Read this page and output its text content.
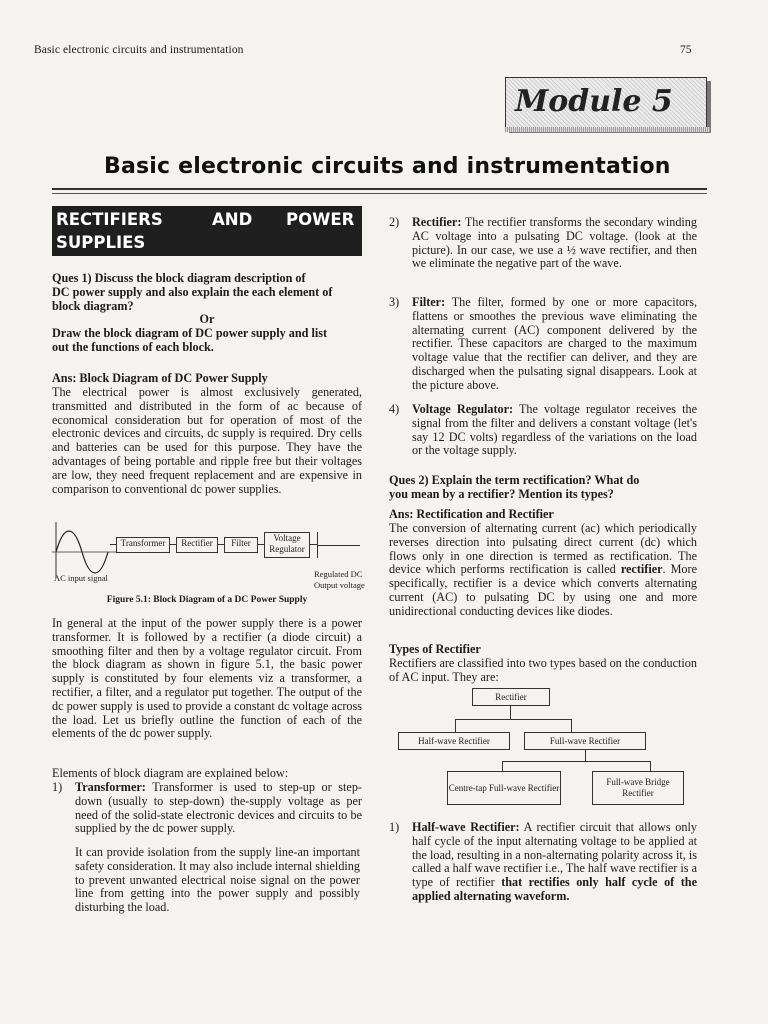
Basic electronic circuits and instrumentation	75
Module 5
Basic electronic circuits and instrumentation
RECTIFIERS	AND POWER
SUPPLIES
Ques 1) Discuss the block diagram description of
DC power supply and also explain the each element of
block diagram?
Or
Draw the block diagram of DC power supply and list
out the functions of each block.
Ans: Block Diagram of DC Power Supply
The electrical power is almost exclusively generated, transmitted and distributed in the form of ac because of economical consideration but for operation of most of the electronic devices and circuits, dc supply is required. Dry cells and batteries can be used for this purpose. They have the advantages of being portable and ripple free but their voltages are low, they need frequent replacement and are expensive in comparison to conventional dc power supplies.
Transformer	Rectifier	Filter	Voltage Regulator
AC input signal	Regulated DC
Output voltage
Figure 5.1: Block Diagram of a DC Power Supply
In general at the input of the power supply there is a power transformer. It is followed by a rectifier (a diode circuit) a smoothing filter and then by a voltage regulator circuit. From the block diagram as shown in figure 5.1, the basic power supply is constituted by four elements viz a transformer, a rectifier, a filter, and a regulator put together. The output of the dc power supply is used to provide a constant dc voltage across the load. Let us briefly outline the function of each of the elements of the dc power supply.
Elements of block diagram are explained below:
1) Transformer: Transformer is used to step-up or step-down (usually to step-down) the-supply voltage as per need of the solid-state electronic devices and circuits to be supplied by the dc power supply.
It can provide isolation from the supply line-an important safety consideration. It may also include internal shielding to prevent unwanted electrical noise signal on the power line from getting into the power supply and possibly disturbing the load.
2) Rectifier: The rectifier transforms the secondary winding AC voltage into a pulsating DC voltage. (look at the picture). In our case, we use a ½ wave rectifier, and then we eliminate the negative part of the wave.
3) Filter: The filter, formed by one or more capacitors, flattens or smoothes the previous wave eliminating the alternating current (AC) component delivered by the rectifier. These capacitors are charged to the maximum voltage value that the rectifier can deliver, and they are discharged when the pulsating signal disappears. Look at the picture above.
4) Voltage Regulator: The voltage regulator receives the signal from the filter and delivers a constant voltage (let's say 12 DC volts) regardless of the variations on the load or the voltage supply.
Ques 2) Explain the term rectification? What do
you mean by a rectifier? Mention its types?
Ans: Rectification and Rectifier
The conversion of alternating current (ac) which periodically reverses direction into pulsating direct current (dc) which flows only in one direction is termed as rectification. The device which performs rectification is called rectifier. More specifically, rectifier is a device which converts alternating current (AC) to pulsating DC by using one and more unidirectional conducting devices like diodes.
Types of Rectifier
Rectifiers are classified into two types based on the conduction of AC input. They are:
Rectifier
Half-wave Rectifier	Full-wave Rectifier
Centre-tap Full-wave Rectifier
Full-wave Bridge Rectifier
1) Half-wave Rectifier: A rectifier circuit that allows only half cycle of the input alternating voltage to be applied at the load, resulting in a non-alternating polarity across it, is called a half wave rectifier i.e., The half wave rectifier is a type of rectifier that rectifies only half cycle of the applied alternating waveform.
